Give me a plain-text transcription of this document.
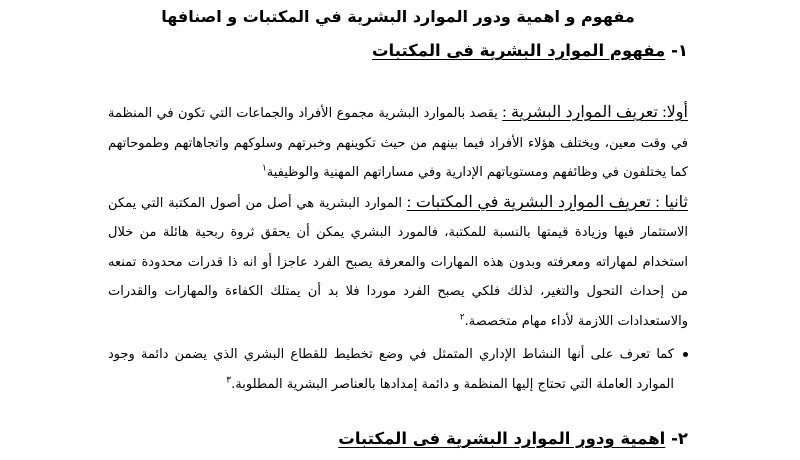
مفهوم و اهمية ودور الموارد البشرية في المكتبات و اصنافها
١- مفهوم الموارد البشرية فى المكتبات

أولا: تعريف الموارد البشرية : يقصد بالموارد البشرية مجموع الأفراد والجماعات التي تكون في المنظمة في وقت معين، ويختلف هؤلاء الأفراد فيما بينهم من حيث تكوينهم وخبرتهم وسلوكهم واتجاهاتهم وطموحاتهم كما يختلفون في وظائفهم ومستوياتهم الإدارية وفي مساراتهم المهنية والوظيفية$^١$

ثانيا : تعريف الموارد البشرية في المكتبات : الموارد البشرية هي أصل من أصول المكتبة التي يمكن الاستثمار فيها وزيادة قيمتها بالنسبة للمكتبة، فالمورد البشري يمكن أن يحقق ثروة ربحية هائلة من خلال استخدام لمهاراته ومعرفته وبدون هذه المهارات والمعرفة يصبح الفرد عاجزا أو انه ذا قدرات محدودة تمنعه من إحداث التحول والتغير، لذلك فلكي يصبح الفرد موردا فلا بد أن يمتلك الكفاءة والمهارات والقدرات والاستعدادات اللازمة لأداء مهام متخصصة.$^٢$

كما تعرف على أنها النشاط الإداري المتمثل في وضع تخطيط للقطاع البشري الذي يضمن دائمة وجود الموارد العاملة التي تحتاج إليها المنظمة و دائمة إمدادها بالعناصر البشرية المطلوبة.$^٣$

٢- اهمية ودور الموارد البشرية فى المكتبات
